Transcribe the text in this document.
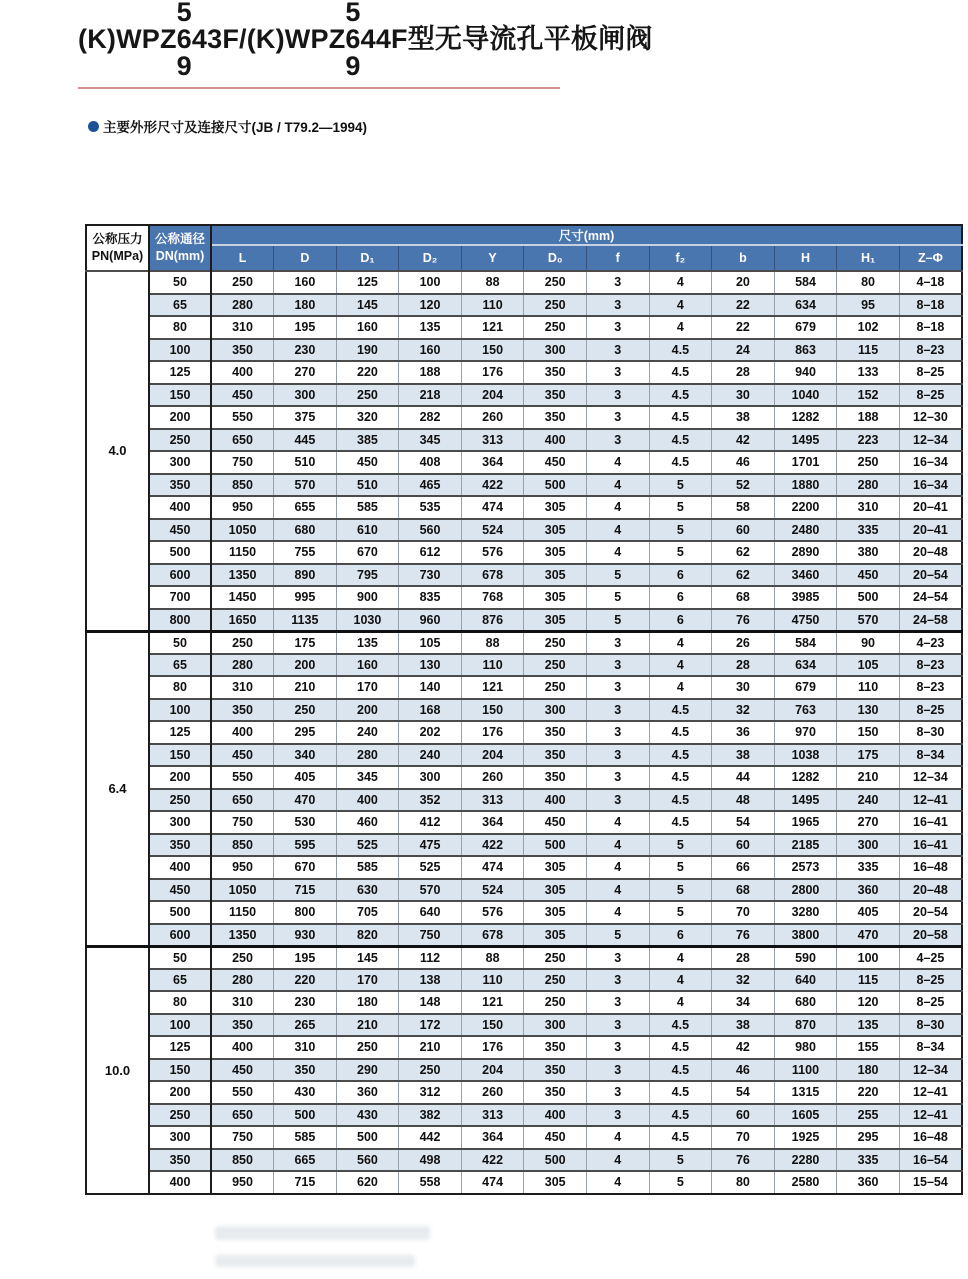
(K)WPZ
5
6
9
43F/(K)WPZ
5
6
9
44F型无导流孔平板闸阀
主要外形尺寸及连接尺寸(JB / T79.2—1994)
公称压力
PN(MPa)

公称通径
DN(mm)
	尺寸(mm)
		L	D	D₁	D₂	Y	D₀	f	f₂	b	H	H₁	Z–Φ
4.0	50	250	160	125	100	88	250	3	4	20	584	80	4–18
	65	280	180	145	120	110	250	3	4	22	634	95	8–18
	80	310	195	160	135	121	250	3	4	22	679	102	8–18
	100	350	230	190	160	150	300	3	4.5	24	863	115	8–23
	125	400	270	220	188	176	350	3	4.5	28	940	133	8–25
	150	450	300	250	218	204	350	3	4.5	30	1040	152	8–25
	200	550	375	320	282	260	350	3	4.5	38	1282	188	12–30
	250	650	445	385	345	313	400	3	4.5	42	1495	223	12–34
	300	750	510	450	408	364	450	4	4.5	46	1701	250	16–34
	350	850	570	510	465	422	500	4	5	52	1880	280	16–34
	400	950	655	585	535	474	305	4	5	58	2200	310	20–41
	450	1050	680	610	560	524	305	4	5	60	2480	335	20–41
	500	1150	755	670	612	576	305	4	5	62	2890	380	20–48
	600	1350	890	795	730	678	305	5	6	62	3460	450	20–54
	700	1450	995	900	835	768	305	5	6	68	3985	500	24–54
	800	1650	1135	1030	960	876	305	5	6	76	4750	570	24–58
6.4	50	250	175	135	105	88	250	3	4	26	584	90	4–23
	65	280	200	160	130	110	250	3	4	28	634	105	8–23
	80	310	210	170	140	121	250	3	4	30	679	110	8–23
	100	350	250	200	168	150	300	3	4.5	32	763	130	8–25
	125	400	295	240	202	176	350	3	4.5	36	970	150	8–30
	150	450	340	280	240	204	350	3	4.5	38	1038	175	8–34
	200	550	405	345	300	260	350	3	4.5	44	1282	210	12–34
	250	650	470	400	352	313	400	3	4.5	48	1495	240	12–41
	300	750	530	460	412	364	450	4	4.5	54	1965	270	16–41
	350	850	595	525	475	422	500	4	5	60	2185	300	16–41
	400	950	670	585	525	474	305	4	5	66	2573	335	16–48
	450	1050	715	630	570	524	305	4	5	68	2800	360	20–48
	500	1150	800	705	640	576	305	4	5	70	3280	405	20–54
	600	1350	930	820	750	678	305	5	6	76	3800	470	20–58
10.0	50	250	195	145	112	88	250	3	4	28	590	100	4–25
	65	280	220	170	138	110	250	3	4	32	640	115	8–25
	80	310	230	180	148	121	250	3	4	34	680	120	8–25
	100	350	265	210	172	150	300	3	4.5	38	870	135	8–30
	125	400	310	250	210	176	350	3	4.5	42	980	155	8–34
	150	450	350	290	250	204	350	3	4.5	46	1100	180	12–34
	200	550	430	360	312	260	350	3	4.5	54	1315	220	12–41
	250	650	500	430	382	313	400	3	4.5	60	1605	255	12–41
	300	750	585	500	442	364	450	4	4.5	70	1925	295	16–48
	350	850	665	560	498	422	500	4	5	76	2280	335	16–54
	400	950	715	620	558	474	305	4	5	80	2580	360	15–54
